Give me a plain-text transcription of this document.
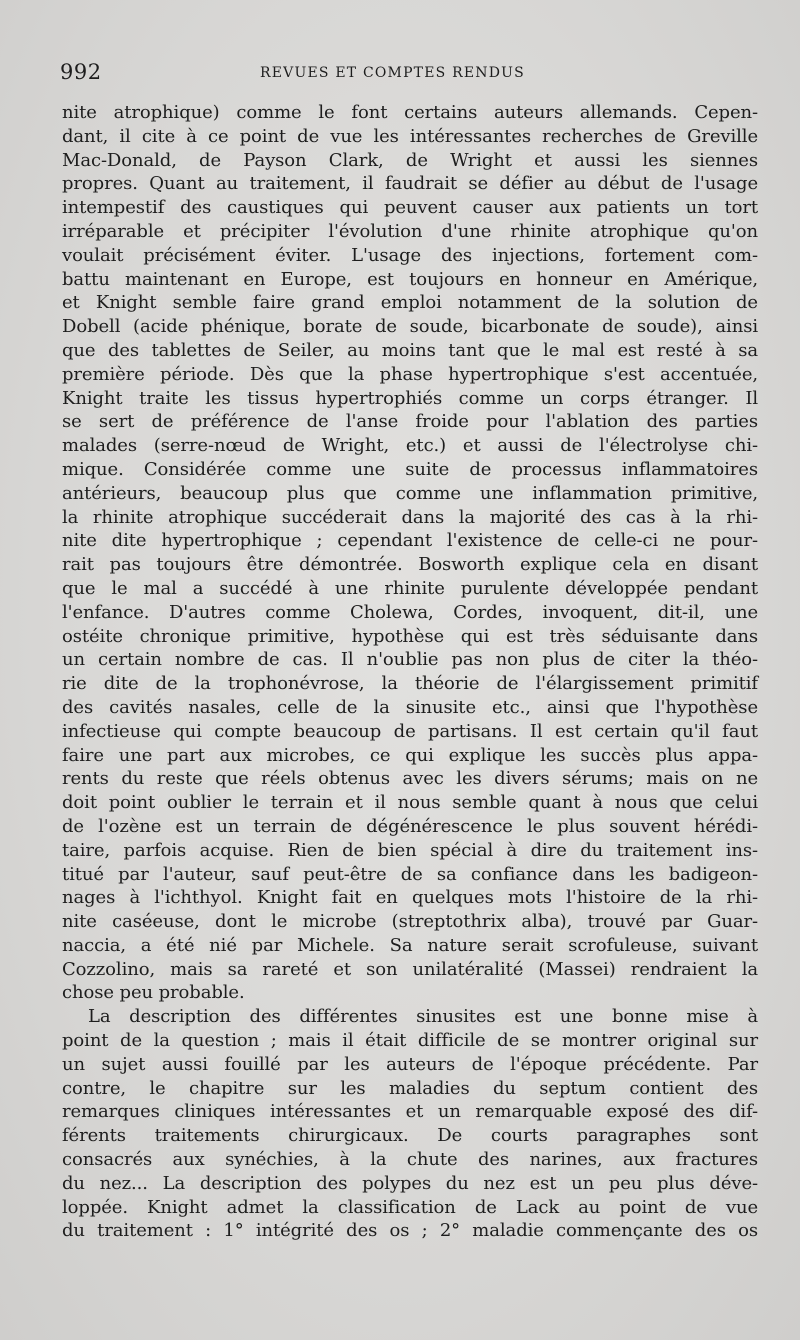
992	REVUES ET COMPTES RENDUS
nite atrophique) comme le font certains auteurs allemands. Cepen-
dant, il cite à ce point de vue les intéressantes recherches de Greville
Mac-Donald, de Payson Clark, de Wright et aussi les siennes
propres. Quant au traitement, il faudrait se défier au début de l'usage
intempestif des caustiques qui peuvent causer aux patients un tort
irréparable et précipiter l'évolution d'une rhinite atrophique qu'on
voulait précisément éviter. L'usage des injections, fortement com-
battu maintenant en Europe, est toujours en honneur en Amérique,
et Knight semble faire grand emploi notamment de la solution de
Dobell (acide phénique, borate de soude, bicarbonate de soude), ainsi
que des tablettes de Seiler, au moins tant que le mal est resté à sa
première période. Dès que la phase hypertrophique s'est accentuée,
Knight traite les tissus hypertrophiés comme un corps étranger. Il
se sert de préférence de l'anse froide pour l'ablation des parties
malades (serre-nœud de Wright, etc.) et aussi de l'électrolyse chi-
mique. Considérée comme une suite de processus inflammatoires
antérieurs, beaucoup plus que comme une inflammation primitive,
la rhinite atrophique succéderait dans la majorité des cas à la rhi-
nite dite hypertrophique ; cependant l'existence de celle-ci ne pour-
rait pas toujours être démontrée. Bosworth explique cela en disant
que le mal a succédé à une rhinite purulente développée pendant
l'enfance. D'autres comme Cholewa, Cordes, invoquent, dit-il, une
ostéite chronique primitive, hypothèse qui est très séduisante dans
un certain nombre de cas. Il n'oublie pas non plus de citer la théo-
rie dite de la trophonévrose, la théorie de l'élargissement primitif
des cavités nasales, celle de la sinusite etc., ainsi que l'hypothèse
infectieuse qui compte beaucoup de partisans. Il est certain qu'il faut
faire une part aux microbes, ce qui explique les succès plus appa-
rents du reste que réels obtenus avec les divers sérums; mais on ne
doit point oublier le terrain et il nous semble quant à nous que celui
de l'ozène est un terrain de dégénérescence le plus souvent hérédi-
taire, parfois acquise. Rien de bien spécial à dire du traitement ins-
titué par l'auteur, sauf peut-être de sa confiance dans les badigeon-
nages à l'ichthyol. Knight fait en quelques mots l'histoire de la rhi-
nite caséeuse, dont le microbe (streptothrix alba), trouvé par Guar-
naccia, a été nié par Michele. Sa nature serait scrofuleuse, suivant
Cozzolino, mais sa rareté et son unilatéralité (Massei) rendraient la
chose peu probable.
La description des différentes sinusites est une bonne mise à
point de la question ; mais il était difficile de se montrer original sur
un sujet aussi fouillé par les auteurs de l'époque précédente. Par
contre, le chapitre sur les maladies du septum contient des
remarques cliniques intéressantes et un remarquable exposé des dif-
férents traitements chirurgicaux. De courts paragraphes sont
consacrés aux synéchies, à la chute des narines, aux fractures
du nez... La description des polypes du nez est un peu plus déve-
loppée. Knight admet la classification de Lack au point de vue
du traitement : 1° intégrité des os ; 2° maladie commençante des os
